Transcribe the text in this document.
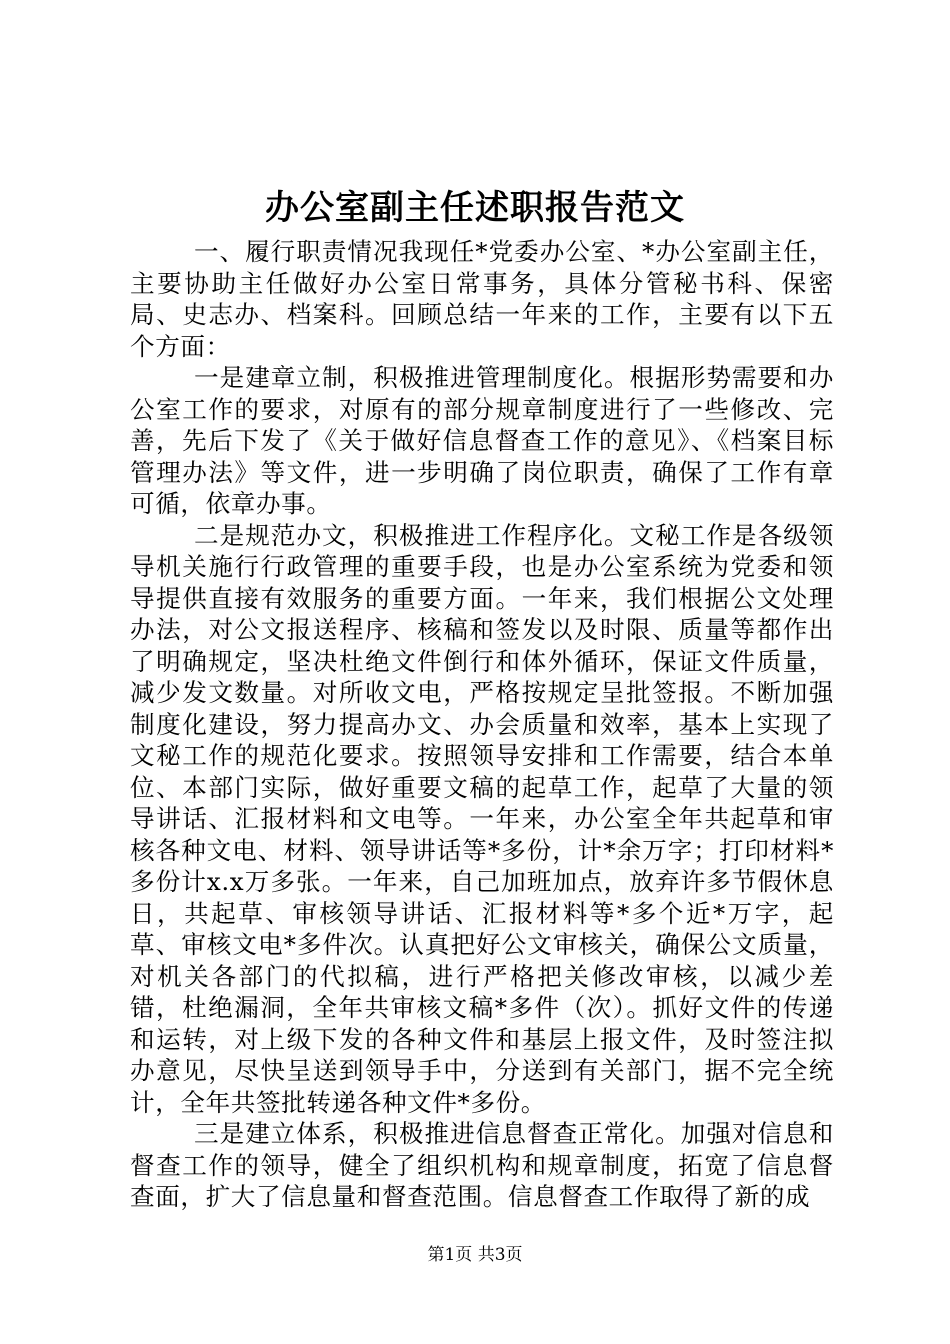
办公室副主任述职报告范文

一、履行职责情况我现任*党委办公室、*办公室副主任，主要协助主任做好办公室日常事务，具体分管秘书科、保密局、史志办、档案科。回顾总结一年来的工作，主要有以下五个方面：

一是建章立制，积极推进管理制度化。根据形势需要和办公室工作的要求，对原有的部分规章制度进行了一些修改、完善，先后下发了《关于做好信息督查工作的意见》、《档案目标管理办法》等文件，进一步明确了岗位职责，确保了工作有章可循，依章办事。

二是规范办文，积极推进工作程序化。文秘工作是各级领导机关施行行政管理的重要手段，也是办公室系统为党委和领导提供直接有效服务的重要方面。一年来，我们根据公文处理办法，对公文报送程序、核稿和签发以及时限、质量等都作出了明确规定，坚决杜绝文件倒行和体外循环，保证文件质量，减少发文数量。对所收文电，严格按规定呈批签报。不断加强制度化建设，努力提高办文、办会质量和效率，基本上实现了文秘工作的规范化要求。按照领导安排和工作需要，结合本单位、本部门实际，做好重要文稿的起草工作，起草了大量的领导讲话、汇报材料和文电等。一年来，办公室全年共起草和审核各种文电、材料、领导讲话等*多份，计*余万字；打印材料*多份计x.x万多张。一年来，自己加班加点，放弃许多节假休息日，共起草、审核领导讲话、汇报材料等*多个近*万字，起草、审核文电*多件次。认真把好公文审核关，确保公文质量，对机关各部门的代拟稿，进行严格把关修改审核，以减少差错，杜绝漏洞，全年共审核文稿*多件（次）。抓好文件的传递和运转，对上级下发的各种文件和基层上报文件，及时签注拟办意见，尽快呈送到领导手中，分送到有关部门，据不完全统计，全年共签批转递各种文件*多份。

三是建立体系，积极推进信息督查正常化。加强对信息和督查工作的领导，健全了组织机构和规章制度，拓宽了信息督查面，扩大了信息量和督查范围。信息督查工作取得了新的成

第1页 共3页
